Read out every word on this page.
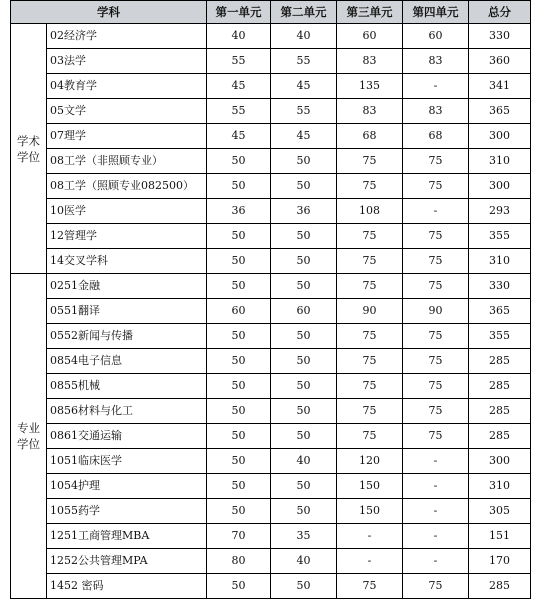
学科		第一单元	第二单元	第三单元	第四单元	总分
学术
学位	02经济学	40	40	60	60	330
	03法学	55	55	83	83	360
	04教育学	45	45	135	-	341
	05文学	55	55	83	83	365
	07理学	45	45	68	68	300
	08工学（非照顾专业）	50	50	75	75	310
	08工学（照顾专业082500）	50	50	75	75	300
	10医学	36	36	108	-	293
	12管理学	50	50	75	75	355
	14交叉学科	50	50	75	75	310
专业
学位	0251金融	50	50	75	75	330
	0551翻译	60	60	90	90	365
	0552新闻与传播	50	50	75	75	355
	0854电子信息	50	50	75	75	285
	0855机械	50	50	75	75	285
	0856材料与化工	50	50	75	75	285
	0861交通运输	50	50	75	75	285
	1051临床医学	50	40	120	-	300
	1054护理	50	50	150	-	310
	1055药学	50	50	150	-	305
	1251工商管理MBA	70	35	-	-	151
	1252公共管理MPA	80	40	-	-	170
	1452 密码	50	50	75	75	285
